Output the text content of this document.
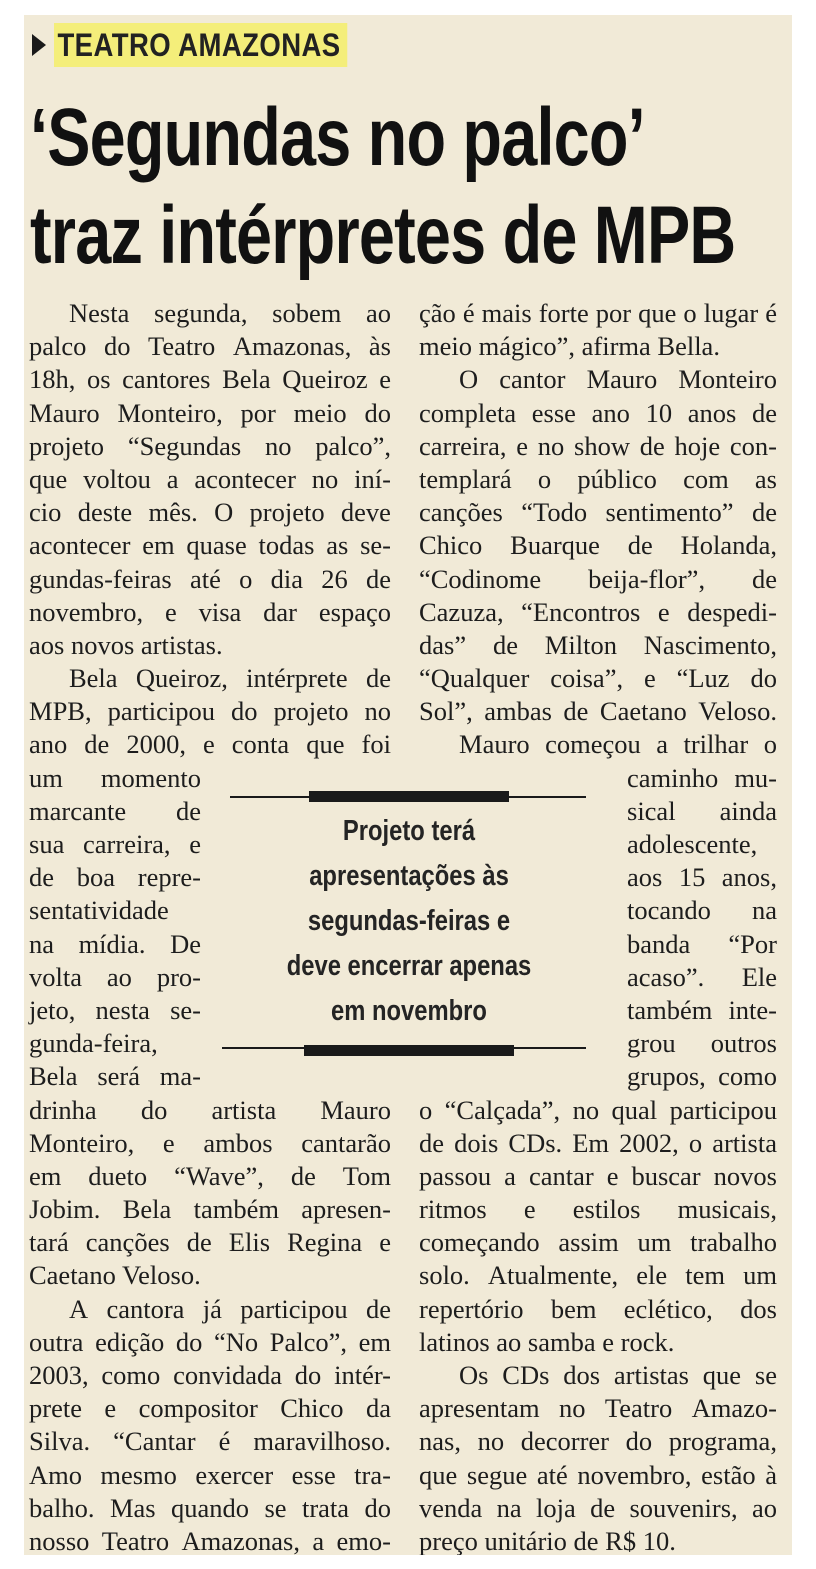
TEATRO AMAZONAS
‘Segundas no palco’
traz intérpretes de MPB
Nesta segunda, sobem ao
palco do Teatro Amazonas, às
18h, os cantores Bela Queiroz e
Mauro Monteiro, por meio do
projeto “Segundas no palco”,
que voltou a acontecer no iní-
cio deste mês. O projeto deve
acontecer em quase todas as se-
gundas-feiras até o dia 26 de
novembro, e visa dar espaço
aos novos artistas.
Bela Queiroz, intérprete de
MPB, participou do projeto no
ano de 2000, e conta que foi
um momento
marcante de
sua carreira, e
de boa repre-
sentatividade
na mídia. De
volta ao pro-
jeto, nesta se-
gunda-feira,
Bela será ma-
drinha do artista Mauro
Monteiro, e ambos cantarão
em dueto “Wave”, de Tom
Jobim. Bela também apresen-
tará canções de Elis Regina e
Caetano Veloso.
A cantora já participou de
outra edição do “No Palco”, em
2003, como convidada do intér-
prete e compositor Chico da
Silva. “Cantar é maravilhoso.
Amo mesmo exercer esse tra-
balho. Mas quando se trata do
nosso Teatro Amazonas, a emo-
ção é mais forte por que o lugar é
meio mágico”, afirma Bella.
O cantor Mauro Monteiro
completa esse ano 10 anos de
carreira, e no show de hoje con-
templará o público com as
canções “Todo sentimento” de
Chico Buarque de Holanda,
“Codinome beija-flor”, de
Cazuza, “Encontros e despedi-
das” de Milton Nascimento,
“Qualquer coisa”, e “Luz do
Sol”, ambas de Caetano Veloso.
Mauro começou a trilhar o
caminho mu-
sical ainda
adolescente,
aos 15 anos,
tocando na
banda “Por
acaso”. Ele
também inte-
grou outros
grupos, como
o “Calçada”, no qual participou
de dois CDs. Em 2002, o artista
passou a cantar e buscar novos
ritmos e estilos musicais,
começando assim um trabalho
solo. Atualmente, ele tem um
repertório bem eclético, dos
latinos ao samba e rock.
Os CDs dos artistas que se
apresentam no Teatro Amazo-
nas, no decorrer do programa,
que segue até novembro, estão à
venda na loja de souvenirs, ao
preço unitário de R$ 10.
Projeto terá
apresentações às
segundas-feiras e
deve encerrar apenas
em novembro
